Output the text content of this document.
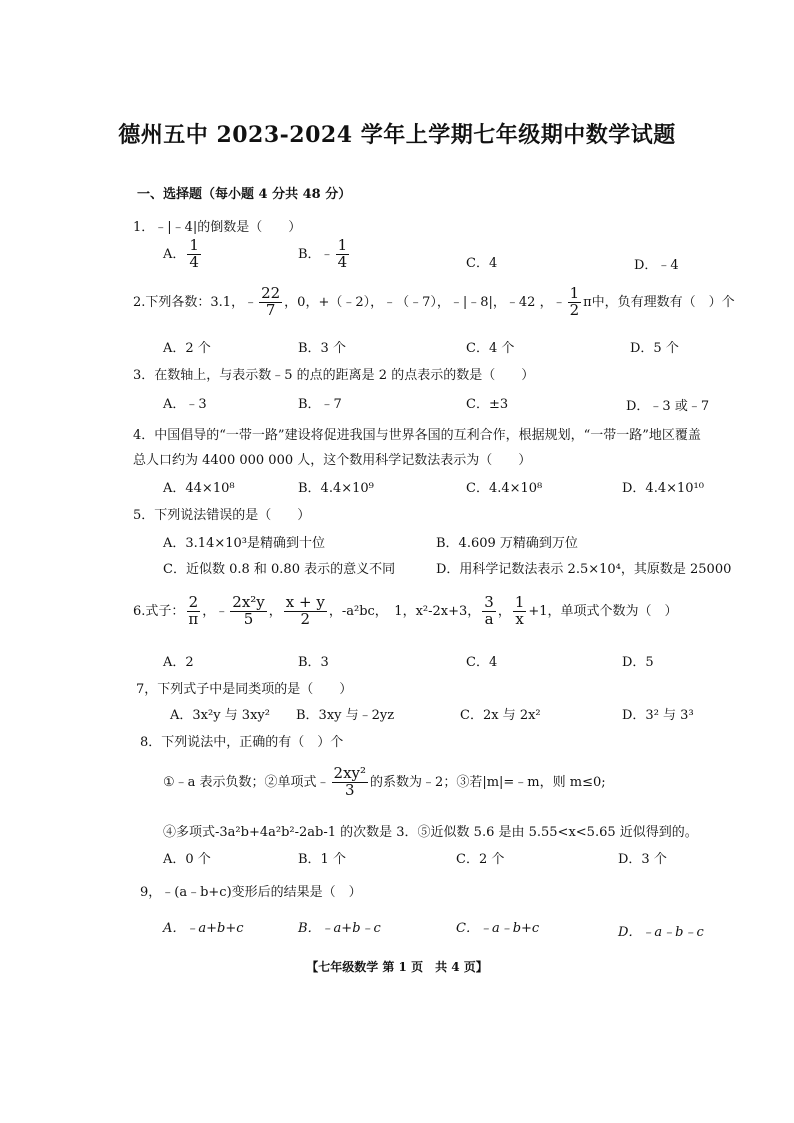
德州五中 2023-2024 学年上学期七年级期中数学试题
一、选择题（每小题 4 分共 48 分）
1．﹣|﹣4|的倒数是（　　）
A． $\frac{1}{4}$	B．﹣ $\frac{1}{4}$	C．4	D．﹣4
2.下列各数：3.1，﹣ $\frac{22}{7}$ ，0，+（﹣2），﹣（﹣7），﹣|﹣8|，﹣42 ，﹣ $\frac{1}{2}$ π中，负有理数有（　）个
A．2 个	B．3 个	C．4 个	D．5 个
3．在数轴上，与表示数﹣5 的点的距离是 2 的点表示的数是（　　）
A．﹣3	B．﹣7	C．±3	D．﹣3 或﹣7
4．中国倡导的“一带一路”建设将促进我国与世界各国的互利合作，根据规划，“一带一路”地区覆盖
总人口约为 4400 000 000 人，这个数用科学记数法表示为（　　）
A．44×10⁸	B．4.4×10⁹	C．4.4×10⁸	D．4.4×10¹⁰
5．下列说法错误的是（　　）
A．3.14×10³是精确到十位	B．4.609 万精确到万位
C．近似数 0.8 和 0.80 表示的意义不同	D．用科学记数法表示 2.5×10⁴，其原数是 25000
6.式子： $\frac{2}{\pi}$ ，﹣ $\frac{\text{2x²y}}{5}$ ， $\frac{x + y}{2}$ ，-a²bc，　1，x²-2x+3， $\frac{3}{a}$ ， $\frac{1}{x} +1$，单项式个数为（　）
A．2	B．3	C．4	D．5
7，下列式子中是同类项的是（　　）
A．3x²y 与 3xy² B．3xy 与﹣2yz	C．2x 与 2x²	D．3² 与 3³
8．下列说法中，正确的有（　）个
①﹣a 表示负数；②单项式﹣ $\frac{\text{2xy²}}{3}$ 的系数为﹣2；③若|m|=﹣m，则 m≤0;
④多项式-3a²b+4a²b²-2ab-1 的次数是 3．⑤近似数 5.6 是由 5.55<x<5.65 近似得到的。
A．0 个	B．1 个	C．2 个	D．3 个
9，﹣(a﹣b+c)变形后的结果是（　）
A．﹣a+b+c	B．﹣a+b﹣c	C．﹣a﹣b+c	D．﹣a﹣b﹣c
【七年级数学 第 1 页　共 4 页】
